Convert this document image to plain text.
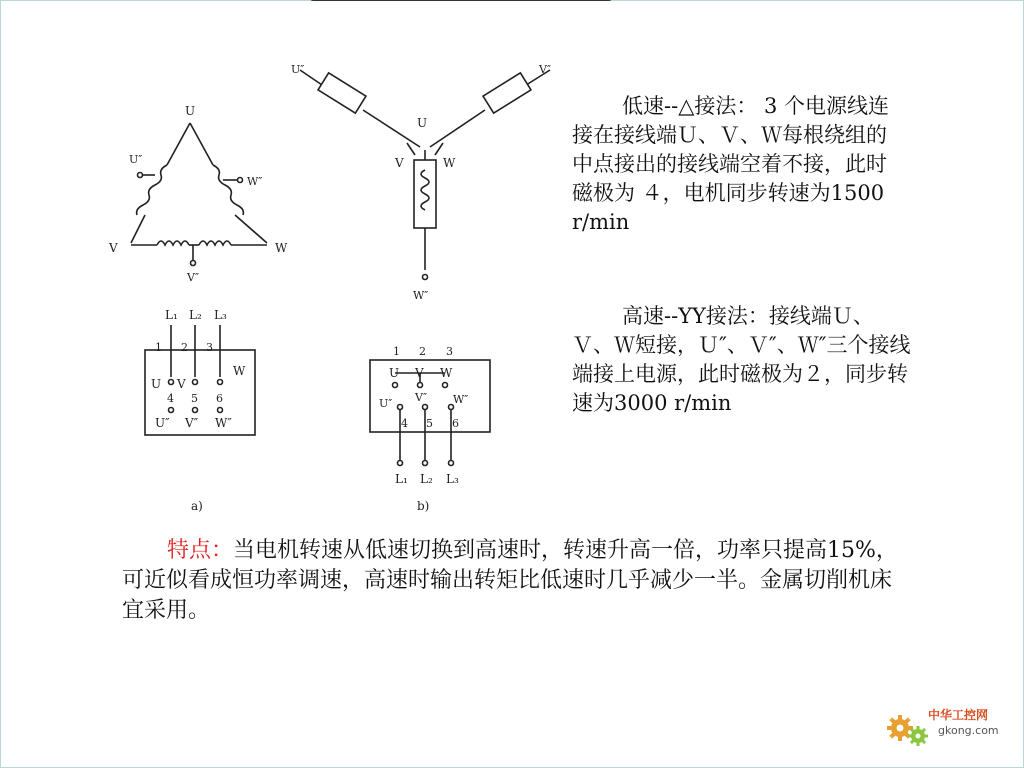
U
V	W
U″
W″
V″
U″	V″
W″
U
V	W
L₁ L₂ L₃
1 2 3
U V
W
4 5 6
U″ V″ W″
a)
1 2 3
U V W
U″ V″ W″
4 5 6
L₁ L₂ L₃
b)

低速--△接法： 3 个电源线连接在接线端Ｕ、Ｖ、Ｗ每根绕组的中点接出的接线端空着不接，此时磁极为 ４，电机同步转速为1500 r/min

高速--YY接法：接线端Ｕ、Ｖ、Ｗ短接，Ｕ″、Ｖ″、Ｗ″三个接线端接上电源，此时磁极为２，同步转速为3000 r/min

特点：当电机转速从低速切换到高速时，转速升高一倍，功率只提高15%，可近似看成恒功率调速，高速时输出转矩比低速时几乎减少一半。金属切削机床宜采用。

中华工控网
gkong.com
